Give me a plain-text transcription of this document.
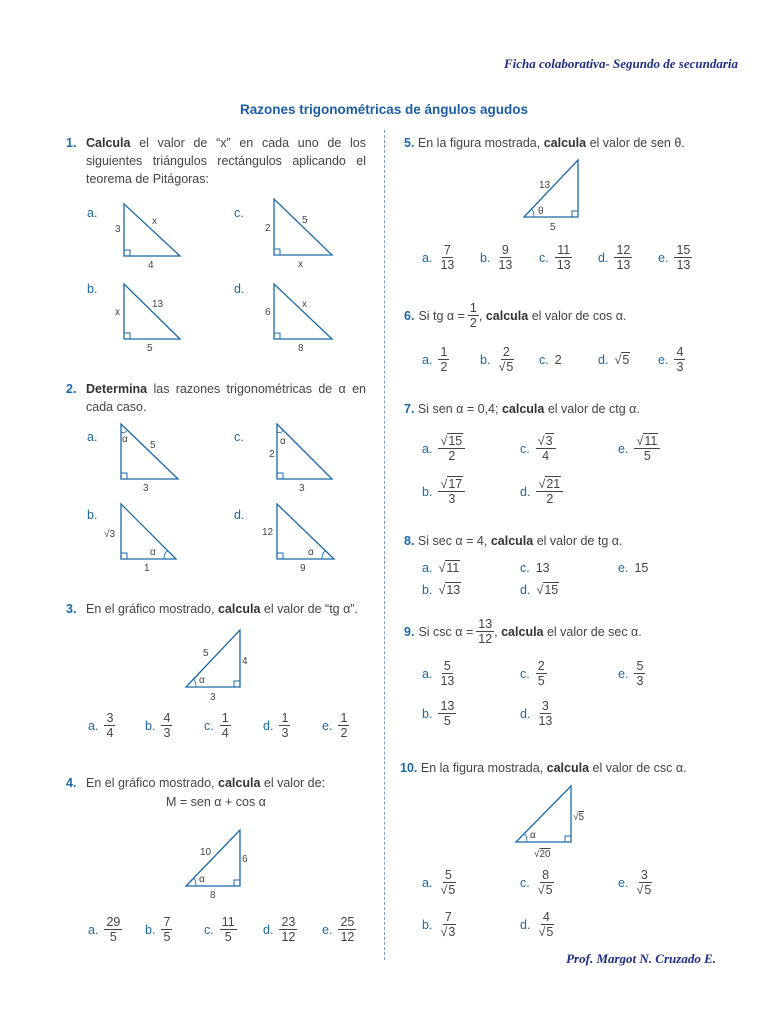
Ficha colaborativa- Segundo de secundaria
Razones trigonométricas de ángulos agudos
Prof. Margot N. Cruzado E.
1. Calcula el valor de “x” en cada uno de los siguientes triángulos rectángulos aplicando el teorema de Pitágoras:
a.
3
4
x
c.
2
x
5
b.
x
5
13
d.
6
8
x
2. Determina las razones trigonométricas de α en cada caso.
a. α
5
3
c.	α
2
3
b.
α
√3
1
d.
α
12
9
3. En el gráfico mostrado, calcula el valor de “tg α”.
α
5
4
3
a. $\frac{3}{4} b$. $\frac{4}{3}$	c. $\frac{1}{4}$	d. $\frac{1}{3}$	e. $\frac{1}{2}$
4. En el gráfico mostrado, calcula el valor de:
M = sen α + cos α
α
10
6
8
a. $\frac{29}{5} b$. $\frac{7}{5}$	c. $\frac{11}{5} d$. $\frac{23}{12} e$. $\frac{25}{12}$
5. En la figura mostrada, calcula el valor de sen θ.
θ
13
5
a. $\frac{7}{13} b$. $\frac{9}{13} c$. $\frac{11}{13} d$. $\frac{12}{13} e$. $\frac{15}{13}$
6. Si tg $\alpha = \frac{1}{2}$ , calcula
el valor de cos α.
a. $\frac{1}{2} b$. $\frac{2}{√5} c$. 2	d. √5 e. $\frac{4}{3}$
7. Si sen α = 0,4; calcula el valor de ctg α.
a. $\frac{√15}{2}$	c. $\frac{√3}{4}$	e. $\frac{√11}{5}$
b. $\frac{√17}{3}$	d. $\frac{√21}{2}$
8. Si sec α = 4, calcula el valor de tg α.
a. √11	c. 13	e. 15
b. √13	d. √15
9. Si $\csc \alpha = \frac{13}{12}$ , calcula
el valor de sec α.
a. $\frac{5}{13}$	c. $\frac{2}{5}$	e. $\frac{5}{3}$
b. $\frac{13}{5}$	d. $\frac{3}{13}$
10. En la figura mostrada, calcula el valor de csc α.
α
√5
√20
a. $\frac{5}{√5}$	c. $\frac{8}{√5}$	e. $\frac{3}{√5}$
b. $\frac{7}{√3}$	d. $\frac{4}{√5}$
